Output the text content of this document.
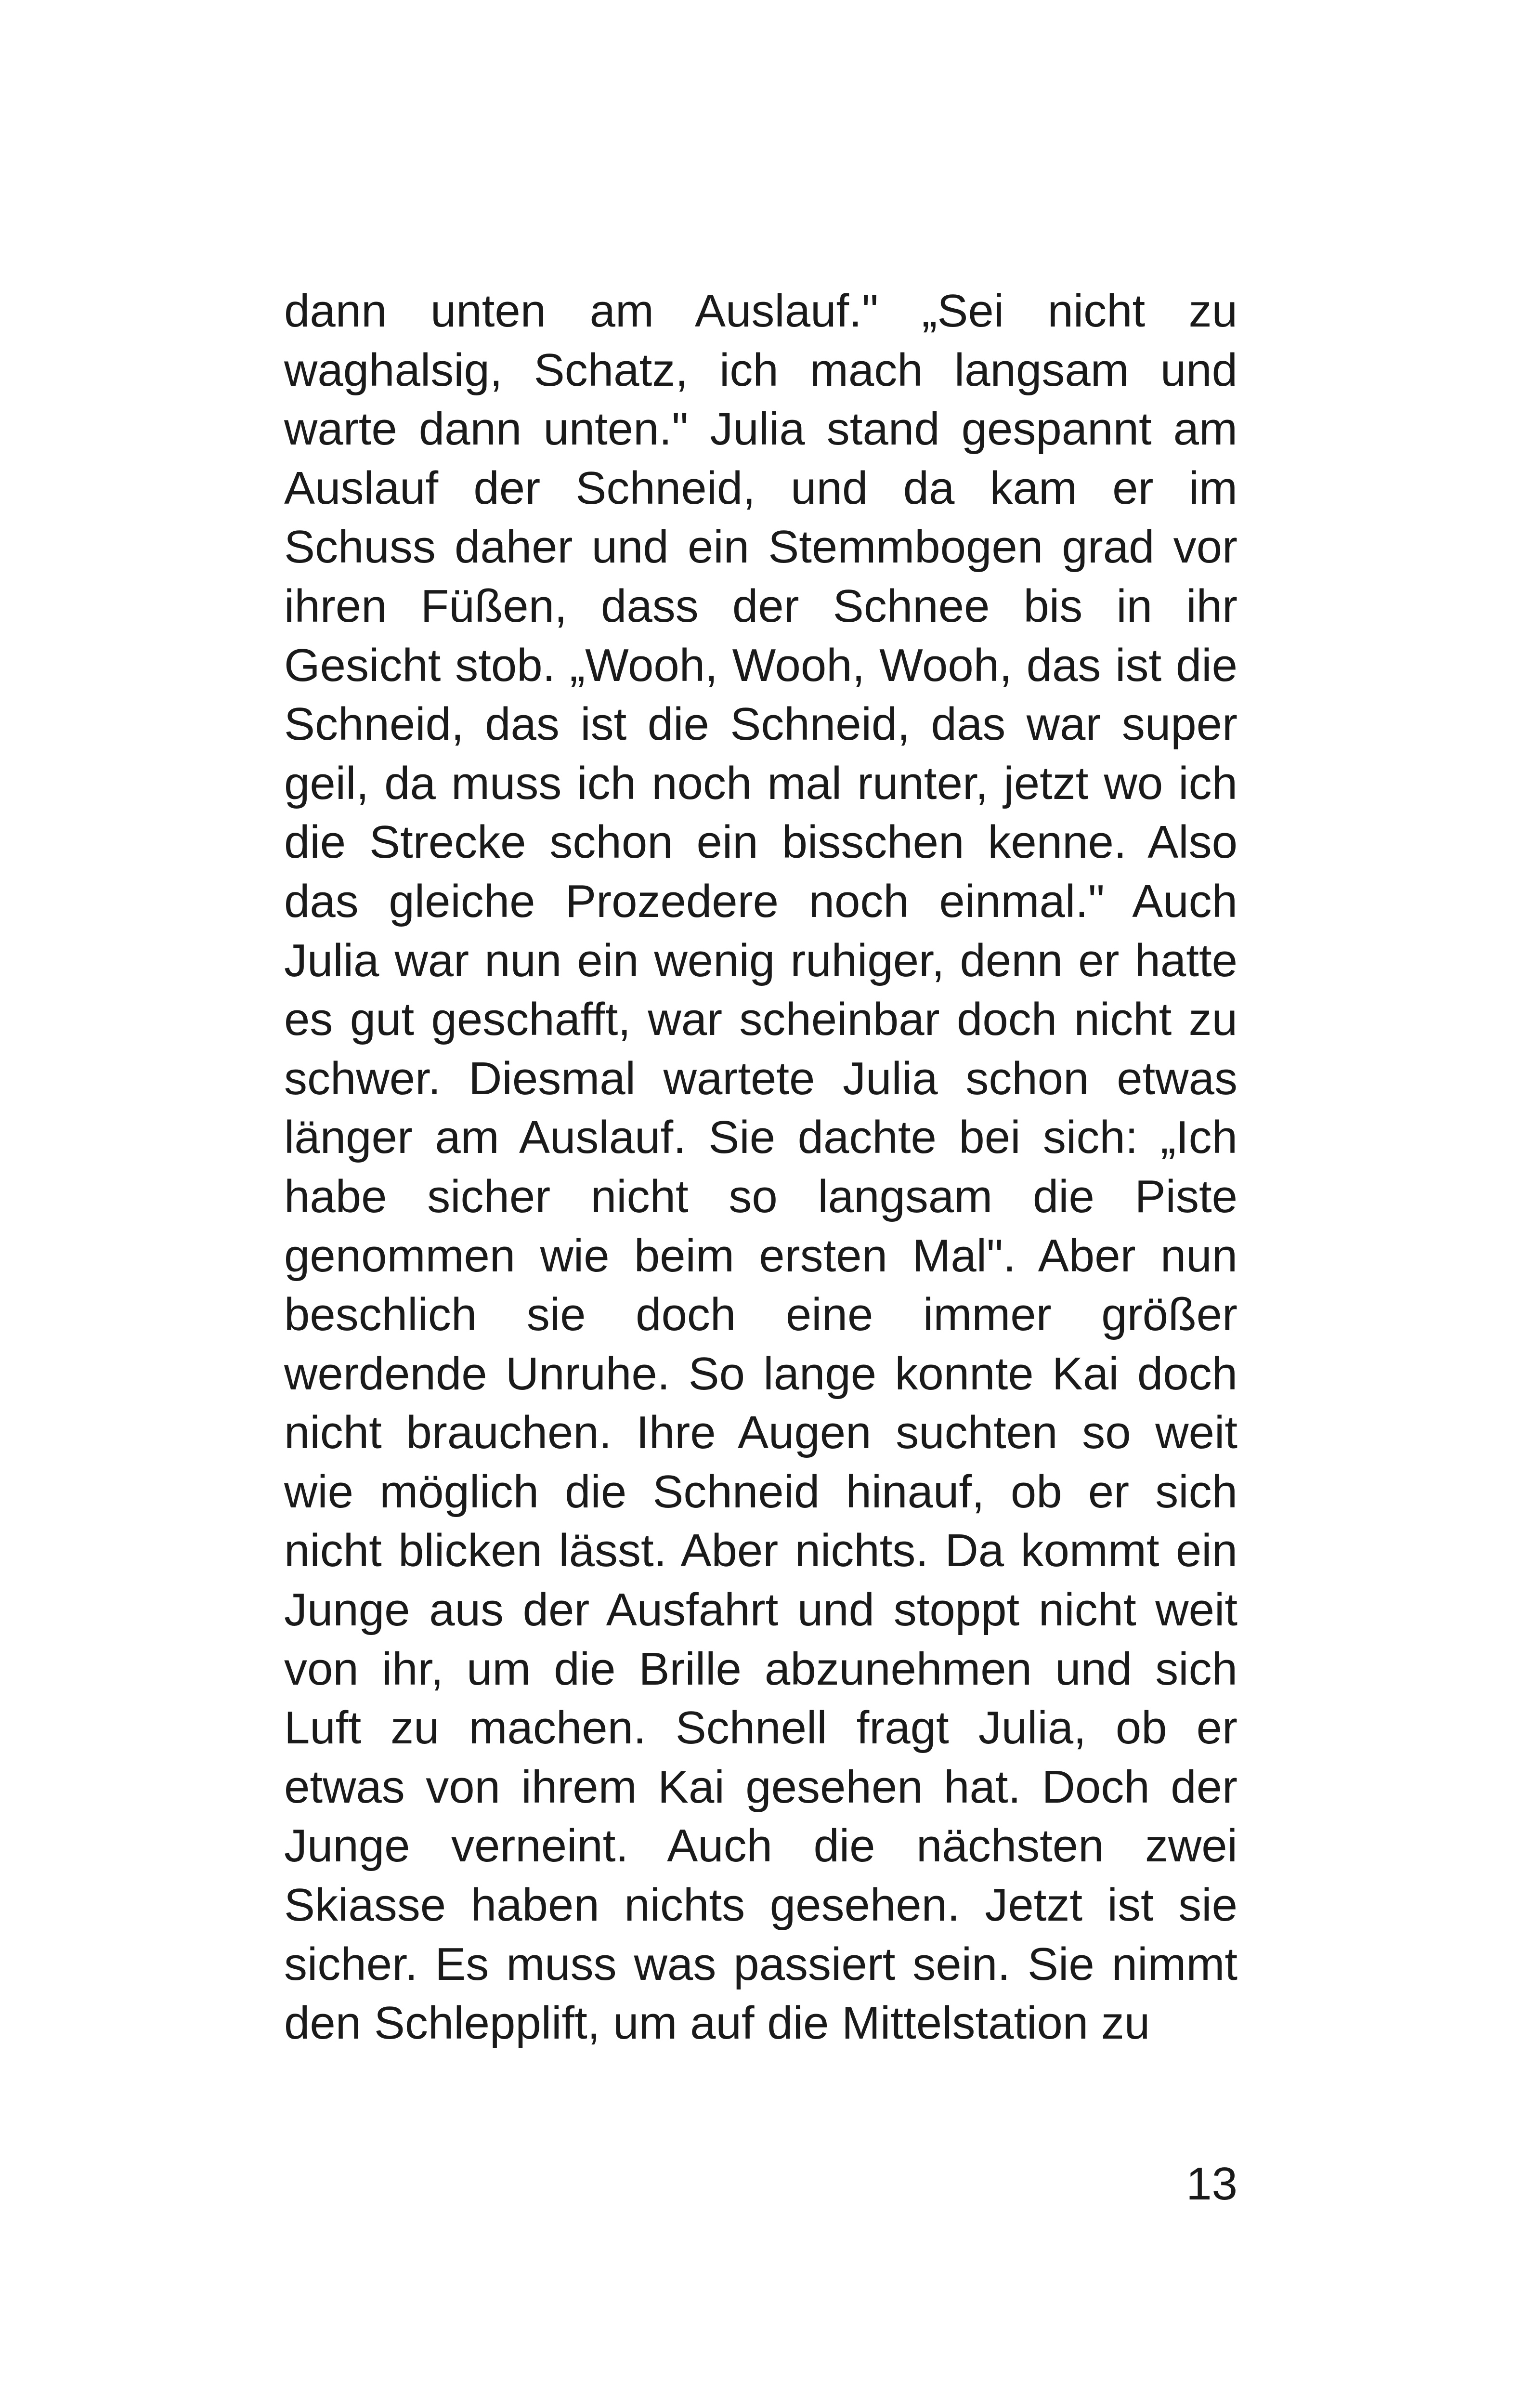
dann unten am Auslauf." „Sei nicht zu
waghalsig, Schatz, ich mach langsam und
warte dann unten." Julia stand gespannt am
Auslauf der Schneid, und da kam er im
Schuss daher und ein Stemmbogen grad vor
ihren Füßen, dass der Schnee bis in ihr
Gesicht stob. „Wooh, Wooh, Wooh, das ist die
Schneid, das ist die Schneid, das war super
geil, da muss ich noch mal runter, jetzt wo ich
die Strecke schon ein bisschen kenne. Also
das gleiche Prozedere noch einmal." Auch
Julia war nun ein wenig ruhiger, denn er hatte
es gut geschafft, war scheinbar doch nicht zu
schwer. Diesmal wartete Julia schon etwas
länger am Auslauf. Sie dachte bei sich: „Ich
habe sicher nicht so langsam die Piste
genommen wie beim ersten Mal". Aber nun
beschlich sie doch eine immer größer
werdende Unruhe. So lange konnte Kai doch
nicht brauchen. Ihre Augen suchten so weit
wie möglich die Schneid hinauf, ob er sich
nicht blicken lässt. Aber nichts. Da kommt ein
Junge aus der Ausfahrt und stoppt nicht weit
von ihr, um die Brille abzunehmen und sich
Luft zu machen. Schnell fragt Julia, ob er
etwas von ihrem Kai gesehen hat. Doch der
Junge verneint. Auch die nächsten zwei
Skiasse haben nichts gesehen. Jetzt ist sie
sicher. Es muss was passiert sein. Sie nimmt
den Schlepplift, um auf die Mittelstation zu
13
